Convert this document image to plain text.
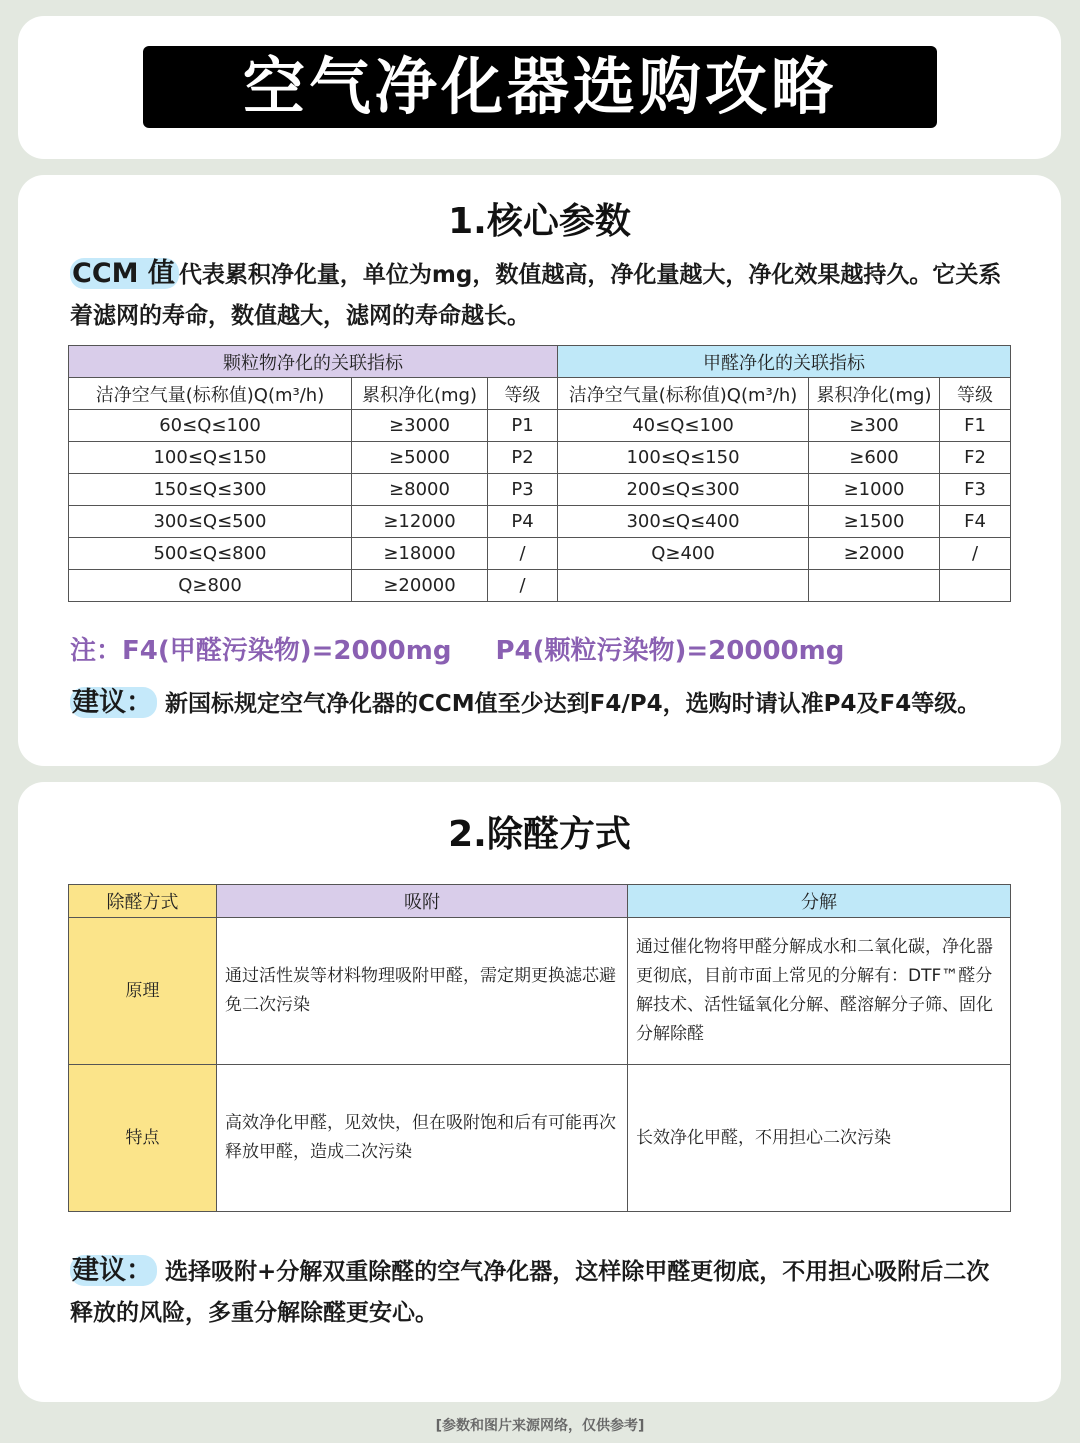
空气净化器选购攻略
1.核心参数
CCM 值 代表累积净化量，单位为mg，数值越高，净化量越大，净化效果越持久。它关系着滤网的寿命，数值越大，滤网的寿命越长。
颗粒物净化的关联指标			甲醛净化的关联指标		
洁净空气量(标称值)Q(m³/h)	累积净化(mg)	等级	洁净空气量(标称值)Q(m³/h)	累积净化(mg)	等级
60≤Q≤100	≥3000	P1	40≤Q≤100	≥300	F1
100≤Q≤150	≥5000	P2	100≤Q≤150	≥600	F2
150≤Q≤300	≥8000	P3	200≤Q≤300	≥1000	F3
300≤Q≤500	≥12000	P4	300≤Q≤400	≥1500	F4
500≤Q≤800	≥18000	/	Q≥400	≥2000	/
Q≥800	≥20000	/			
注：F4(甲醛污染物)=2000mg P4(颗粒污染物)=20000mg
建议： 新国标规定空气净化器的CCM值至少达到F4/P4，选购时请认准P4及F4等级。
2.除醛方式
除醛方式	吸附	分解
原理	通过活性炭等材料物理吸附甲醛，需定期更换滤芯避免二次污染	通过催化物将甲醛分解成水和二氧化碳，净化器更彻底，目前市面上常见的分解有：DTF™醛分解技术、活性锰氧化分解、醛溶解分子筛、固化分解除醛
特点	高效净化甲醛，见效快，但在吸附饱和后有可能再次释放甲醛，造成二次污染	长效净化甲醛，不用担心二次污染
建议： 选择吸附+分解双重除醛的空气净化器，这样除甲醛更彻底，不用担心吸附后二次释放的风险，多重分解除醛更安心。
[参数和图片来源网络，仅供参考]
